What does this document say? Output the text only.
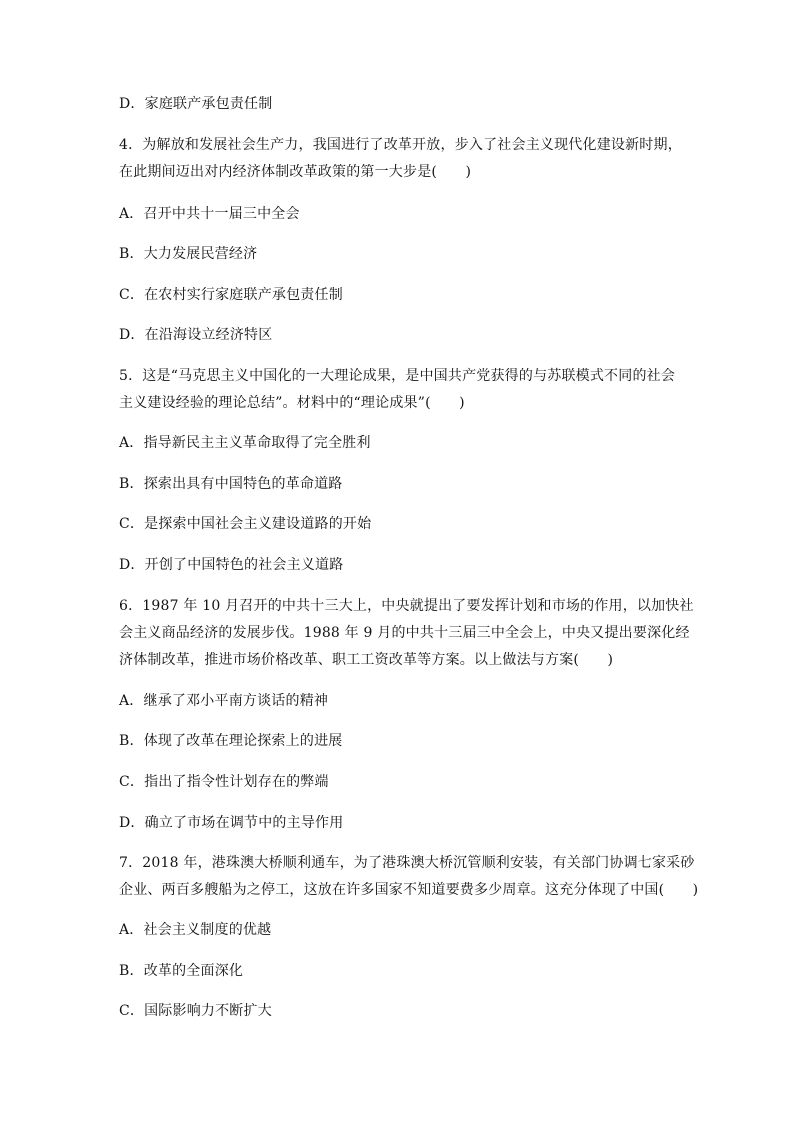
D．家庭联产承包责任制
4．为解放和发展社会生产力，我国进行了改革开放，步入了社会主义现代化建设新时期，
在此期间迈出对内经济体制改革政策的第一大步是(　　)
A．召开中共十一届三中全会
B．大力发展民营经济
C．在农村实行家庭联产承包责任制
D．在沿海设立经济特区
5．这是“马克思主义中国化的一大理论成果，是中国共产党获得的与苏联模式不同的社会
主义建设经验的理论总结”。材料中的“理论成果”(　　)
A．指导新民主主义革命取得了完全胜利
B．探索出具有中国特色的革命道路
C．是探索中国社会主义建设道路的开始
D．开创了中国特色的社会主义道路
6．1987 年 10 月召开的中共十三大上，中央就提出了要发挥计划和市场的作用，以加快社
会主义商品经济的发展步伐。1988 年 9 月的中共十三届三中全会上，中央又提出要深化经
济体制改革，推进市场价格改革、职工工资改革等方案。以上做法与方案(　　)
A．继承了邓小平南方谈话的精神
B．体现了改革在理论探索上的进展
C．指出了指令性计划存在的弊端
D．确立了市场在调节中的主导作用
7．2018 年，港珠澳大桥顺利通车，为了港珠澳大桥沉管顺利安装，有关部门协调七家采砂
企业、两百多艘船为之停工，这放在许多国家不知道要费多少周章。这充分体现了中国(　　)
A．社会主义制度的优越
B．改革的全面深化
C．国际影响力不断扩大
